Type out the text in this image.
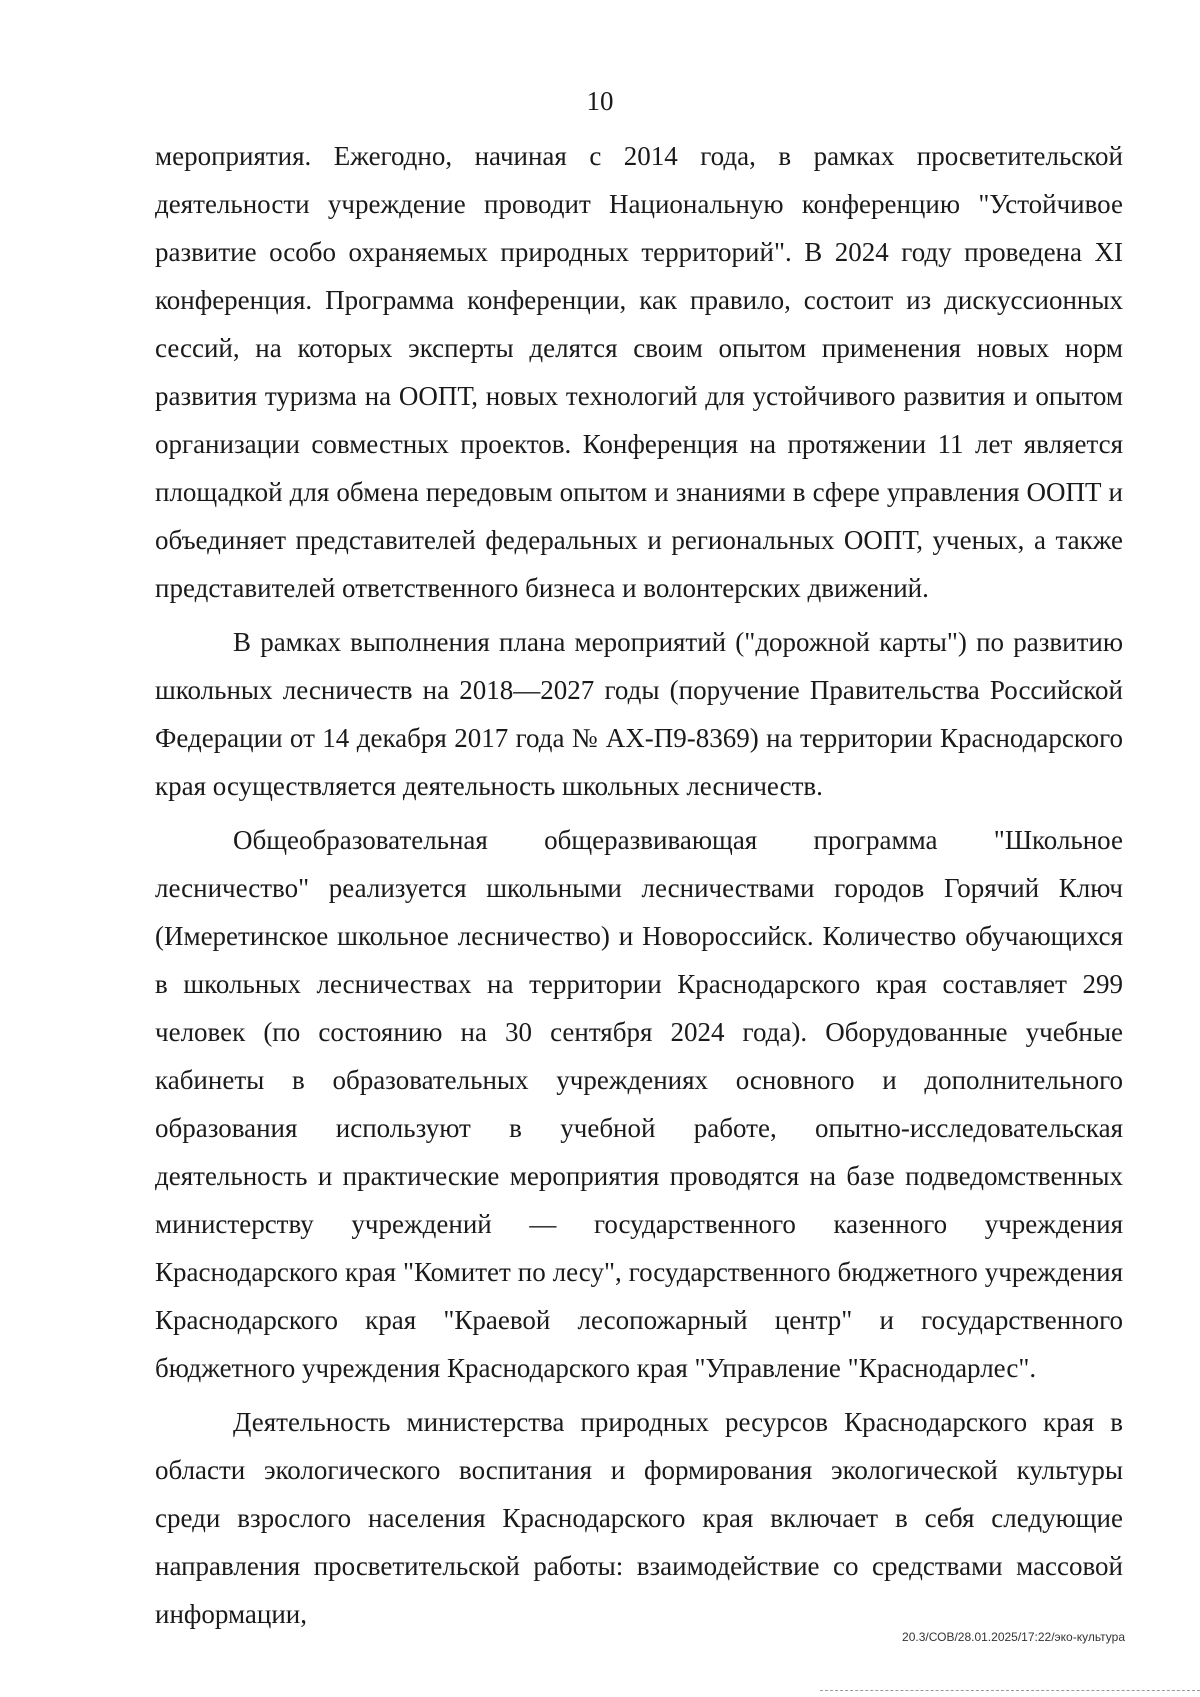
10

мероприятия. Ежегодно, начиная с 2014 года, в рамках просветительской деятельности учреждение проводит Национальную конференцию "Устойчивое развитие особо охраняемых природных территорий". В 2024 году проведена XI конференция. Программа конференции, как правило, состоит из дискуссионных сессий, на которых эксперты делятся своим опытом применения новых норм развития туризма на ООПТ, новых технологий для устойчивого развития и опытом организации совместных проектов. Конференция на протяжении 11 лет является площадкой для обмена передовым опытом и знаниями в сфере управления ООПТ и объединяет представителей федеральных и региональных ООПТ, ученых, а также представителей ответственного бизнеса и волонтерских движений.

В рамках выполнения плана мероприятий ("дорожной карты") по развитию школьных лесничеств на 2018—2027 годы (поручение Правительства Российской Федерации от 14 декабря 2017 года № АХ-П9-8369) на территории Краснодарского края осуществляется деятельность школьных лесничеств.

Общеобразовательная общеразвивающая программа "Школьное лесничество" реализуется школьными лесничествами городов Горячий Ключ (Имеретинское школьное лесничество) и Новороссийск. Количество обучающихся в школьных лесничествах на территории Краснодарского края составляет 299 человек (по состоянию на 30 сентября 2024 года). Оборудованные учебные кабинеты в образовательных учреждениях основного и дополнительного образования используют в учебной работе, опытно-исследовательская деятельность и практические мероприятия проводятся на базе подведомственных министерству учреждений — государственного казенного учреждения Краснодарского края "Комитет по лесу", государственного бюджетного учреждения Краснодарского края "Краевой лесопожарный центр" и государственного бюджетного учреждения Краснодарского края "Управление "Краснодарлес".

Деятельность министерства природных ресурсов Краснодарского края в области экологического воспитания и формирования экологической культуры среди взрослого населения Краснодарского края включает в себя следующие направления просветительской работы: взаимодействие со средствами массовой информации,

20.3/СОВ/28.01.2025/17:22/эко-культура
